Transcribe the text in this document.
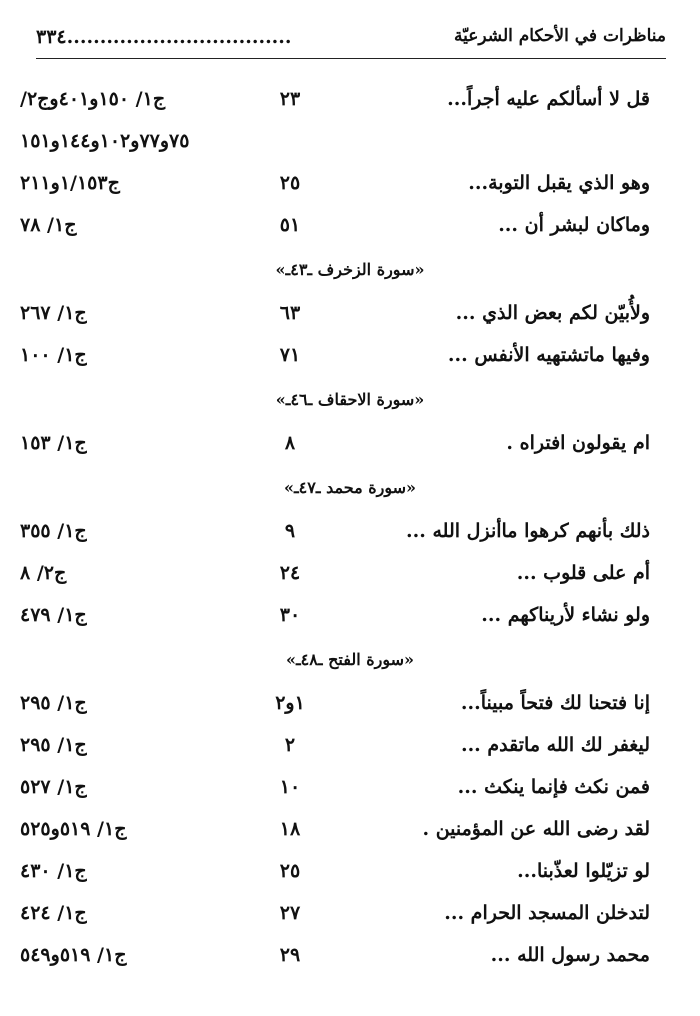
٣٣٤..................................	مناظرات في الأحكام الشرعيّة
قل لا أسألكم عليه أجراً...
٢٣
ج١/ ١٥٠و٤٠١وج٢/
٧٥و٧٧و١٠٢و١٤٤و١٥١
وهو الذي يقبل التوبة...
٢٥
ج١/١٥٣و٢١١
وماكان لبشر أن ...
٥١
ج١/ ٧٨
«سورة الزخرف ـ٤٣ـ»
ولأُبيّن لكم بعض الذي ...
٦٣
ج١/ ٢٦٧
وفيها ماتشتهيه الأنفس ...
٧١
ج١/ ١٠٠
«سورة الاحقاف ـ٤٦ـ»
ام يقولون افتراه .
٨
ج١/ ١٥٣
«سورة محمد ـ٤٧ـ»
ذلك بأنهم كرهوا ماأنزل الله ...
٩
ج١/ ٣٥٥
أم على قلوب ...
٢٤
ج٢/ ٨
ولو نشاء لأريناكهم ...
٣٠
ج١/ ٤٧٩
«سورة الفتح ـ٤٨ـ»
إنا فتحنا لك فتحاً مبيناً...
١و٢
ج١/ ٢٩٥
ليغفر لك الله ماتقدم ...
٢
ج١/ ٢٩٥
فمن نكث فإنما ينكث ...
١٠
ج١/ ٥٢٧
لقد رضى الله عن المؤمنين .
١٨
ج١/ ٥١٩و٥٢٥
لو تزيّلوا لعذّبنا...
٢٥
ج١/ ٤٣٠
لتدخلن المسجد الحرام ...
٢٧
ج١/ ٤٢٤
محمد رسول الله ...
٢٩
ج١/ ٥١٩و٥٤٩
